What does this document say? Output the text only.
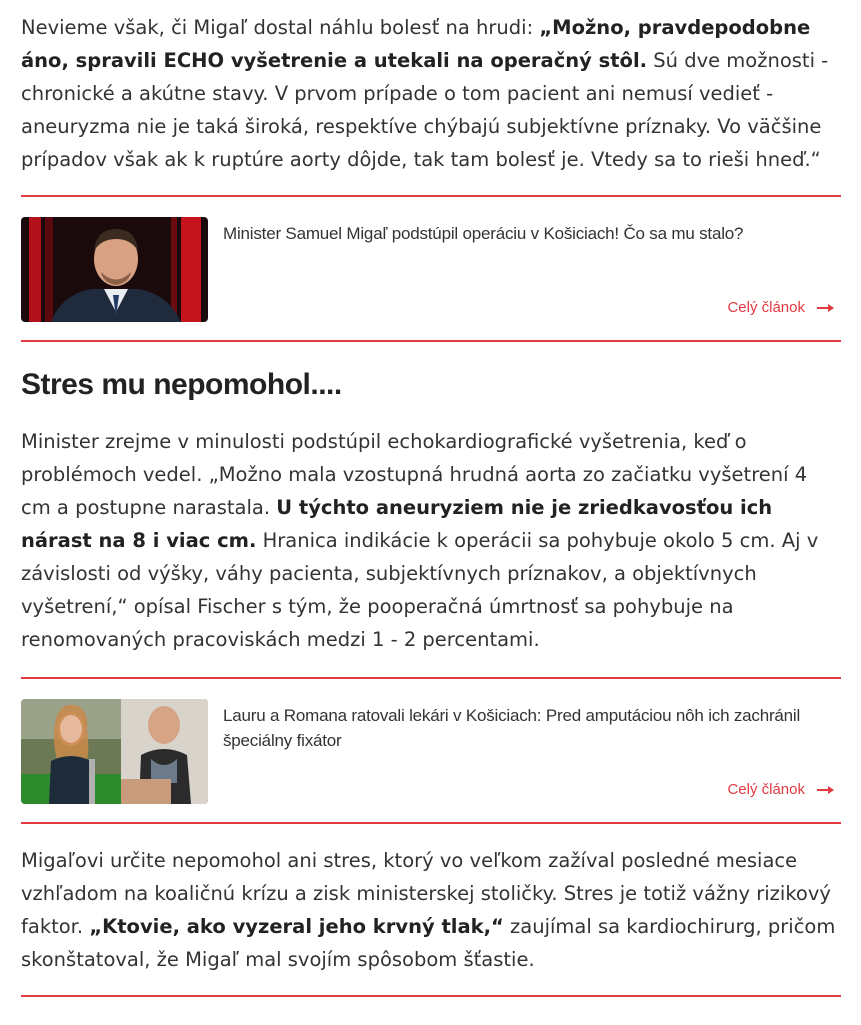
Nevieme však, či Migaľ dostal náhlu bolesť na hrudi: „Možno, pravdepodobne áno, spravili ECHO vyšetrenie a utekali na operačný stôl. Sú dve možnosti - chronické a akútne stavy. V prvom prípade o tom pacient ani nemusí vedieť - aneuryzma nie je taká široká, respektíve chýbajú subjektívne príznaky. Vo väčšine prípadov však ak k ruptúre aorty dôjde, tak tam bolesť je. Vtedy sa to rieši hneď.“

Minister Samuel Migaľ podstúpil operáciu v Košiciach! Čo sa mu stalo?
Celý článok
Stres mu nepomohol....

Minister zrejme v minulosti podstúpil echokardiografické vyšetrenia, keď o problémoch vedel. „Možno mala vzostupná hrudná aorta zo začiatku vyšetrení 4 cm a postupne narastala. U týchto aneuryziem nie je zriedkavosťou ich nárast na 8 i viac cm. Hranica indikácie k operácii sa pohybuje okolo 5 cm. Aj v závislosti od výšky, váhy pacienta, subjektívnych príznakov, a objektívnych vyšetrení,“ opísal Fischer s tým, že pooperačná úmrtnosť sa pohybuje na renomovaných pracoviskách medzi 1 - 2 percentami.

Lauru a Romana ratovali lekári v Košiciach: Pred amputáciou nôh ich zachránil špeciálny fixátor
Celý článok

Migaľovi určite nepomohol ani stres, ktorý vo veľkom zažíval posledné mesiace vzhľadom na koaličnú krízu a zisk ministerskej stoličky. Stres je totiž vážny rizikový faktor. „Ktovie, ako vyzeral jeho krvný tlak,“ zaujímal sa kardiochirurg, pričom skonštatoval, že Migaľ mal svojím spôsobom šťastie.
